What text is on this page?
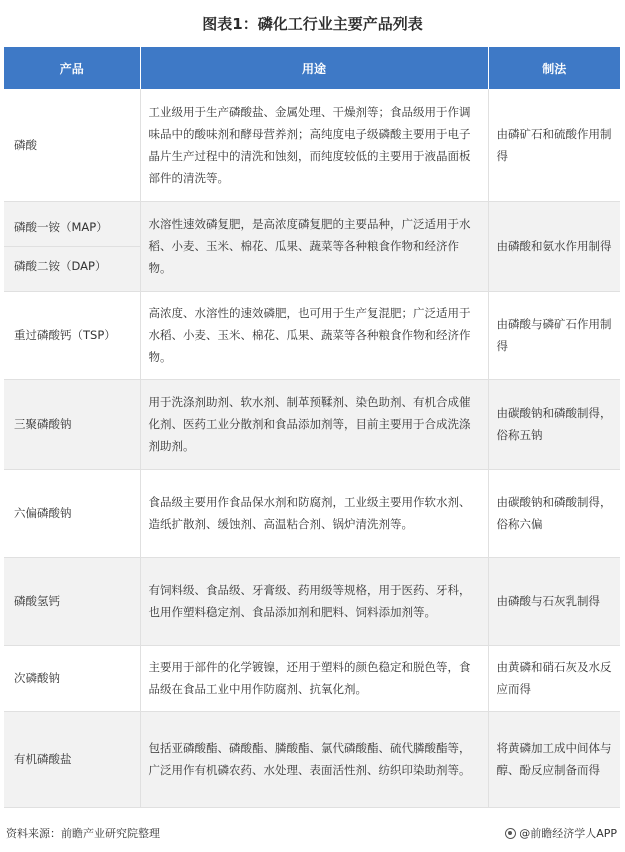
图表1：磷化工行业主要产品列表
产品	用途	制法
磷酸	工业级用于生产磷酸盐、金属处理、干燥剂等；食品级用于作调味品中的酸味剂和酵母营养剂；高纯度电子级磷酸主要用于电子晶片生产过程中的清洗和蚀刻，而纯度较低的主要用于液晶面板部件的清洗等。	由磷矿石和硫酸作用制得

磷酸一铵（MAP）
磷酸二铵（DAP）	水溶性速效磷复肥，是高浓度磷复肥的主要品种，广泛适用于水稻、小麦、玉米、棉花、瓜果、蔬菜等各种粮食作物和经济作物。	由磷酸和氨水作用制得
重过磷酸钙（TSP）	高浓度、水溶性的速效磷肥，也可用于生产复混肥；广泛适用于水稻、小麦、玉米、棉花、瓜果、蔬菜等各种粮食作物和经济作物。	由磷酸与磷矿石作用制得
三聚磷酸钠	用于洗涤剂助剂、软水剂、制革预鞣剂、染色助剂、有机合成催化剂、医药工业分散剂和食品添加剂等，目前主要用于合成洗涤剂助剂。	由碳酸钠和磷酸制得，俗称五钠
六偏磷酸钠	食品级主要用作食品保水剂和防腐剂，工业级主要用作软水剂、造纸扩散剂、缓蚀剂、高温粘合剂、锅炉清洗剂等。	由碳酸钠和磷酸制得，俗称六偏
磷酸氢钙	有饲料级、食品级、牙膏级、药用级等规格，用于医药、牙科，也用作塑料稳定剂、食品添加剂和肥料、饲料添加剂等。	由磷酸与石灰乳制得
次磷酸钠	主要用于部件的化学镀镍，还用于塑料的颜色稳定和脱色等，食品级在食品工业中用作防腐剂、抗氧化剂。	由黄磷和硝石灰及水反应而得
有机磷酸盐	包括亚磷酸酯、磷酸酯、膦酸酯、氯代磷酸酯、硫代膦酸酯等，广泛用作有机磷农药、水处理、表面活性剂、纺织印染助剂等。	将黄磷加工成中间体与醇、酚反应制备而得
资料来源：前瞻产业研究院整理	@前瞻经济学人APP
